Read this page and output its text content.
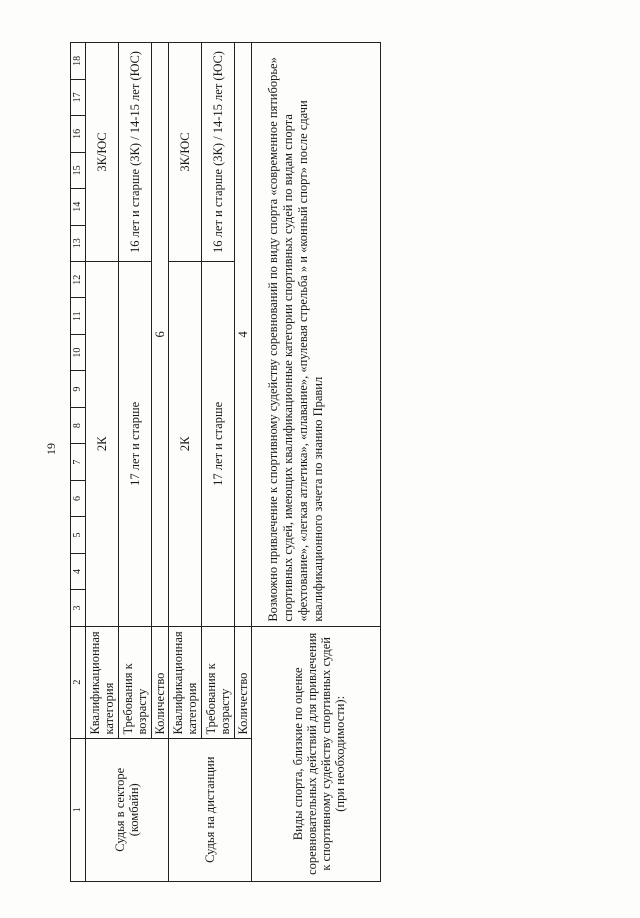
19
1	2	3	4	5	6	7	8	9	10	11	12	13	14	15	16	17	18
Судья в секторе (комбайн)	Квалификационная категория	2К										3К/ЮС					
	Требования к возрасту	17 лет и старше										16 лет и старше (3К) / 14-15 лет (ЮС)					
	Количество	6															
Судья на дистанции	Квалификационная категория	2К										3К/ЮС					
	Требования к возрасту	17 лет и старше										16 лет и старше (3К) / 14-15 лет (ЮС)					
	Количество	4															
Виды спорта, близкие по оценке соревновательных действий для привлечения к спортивному судейству спортивных судей (при необходимости):		Возможно привлечение к спортивному судейству соревнований по виду спорта «современное пятиборье» спортивных судей, имеющих квалификационные категории спортивных судей по видам спорта «фехтование», «легкая атлетика», «плавание», «пулевая стрельба » и «конный спорт» после сдачи квалификационного зачета по знанию Правил															
